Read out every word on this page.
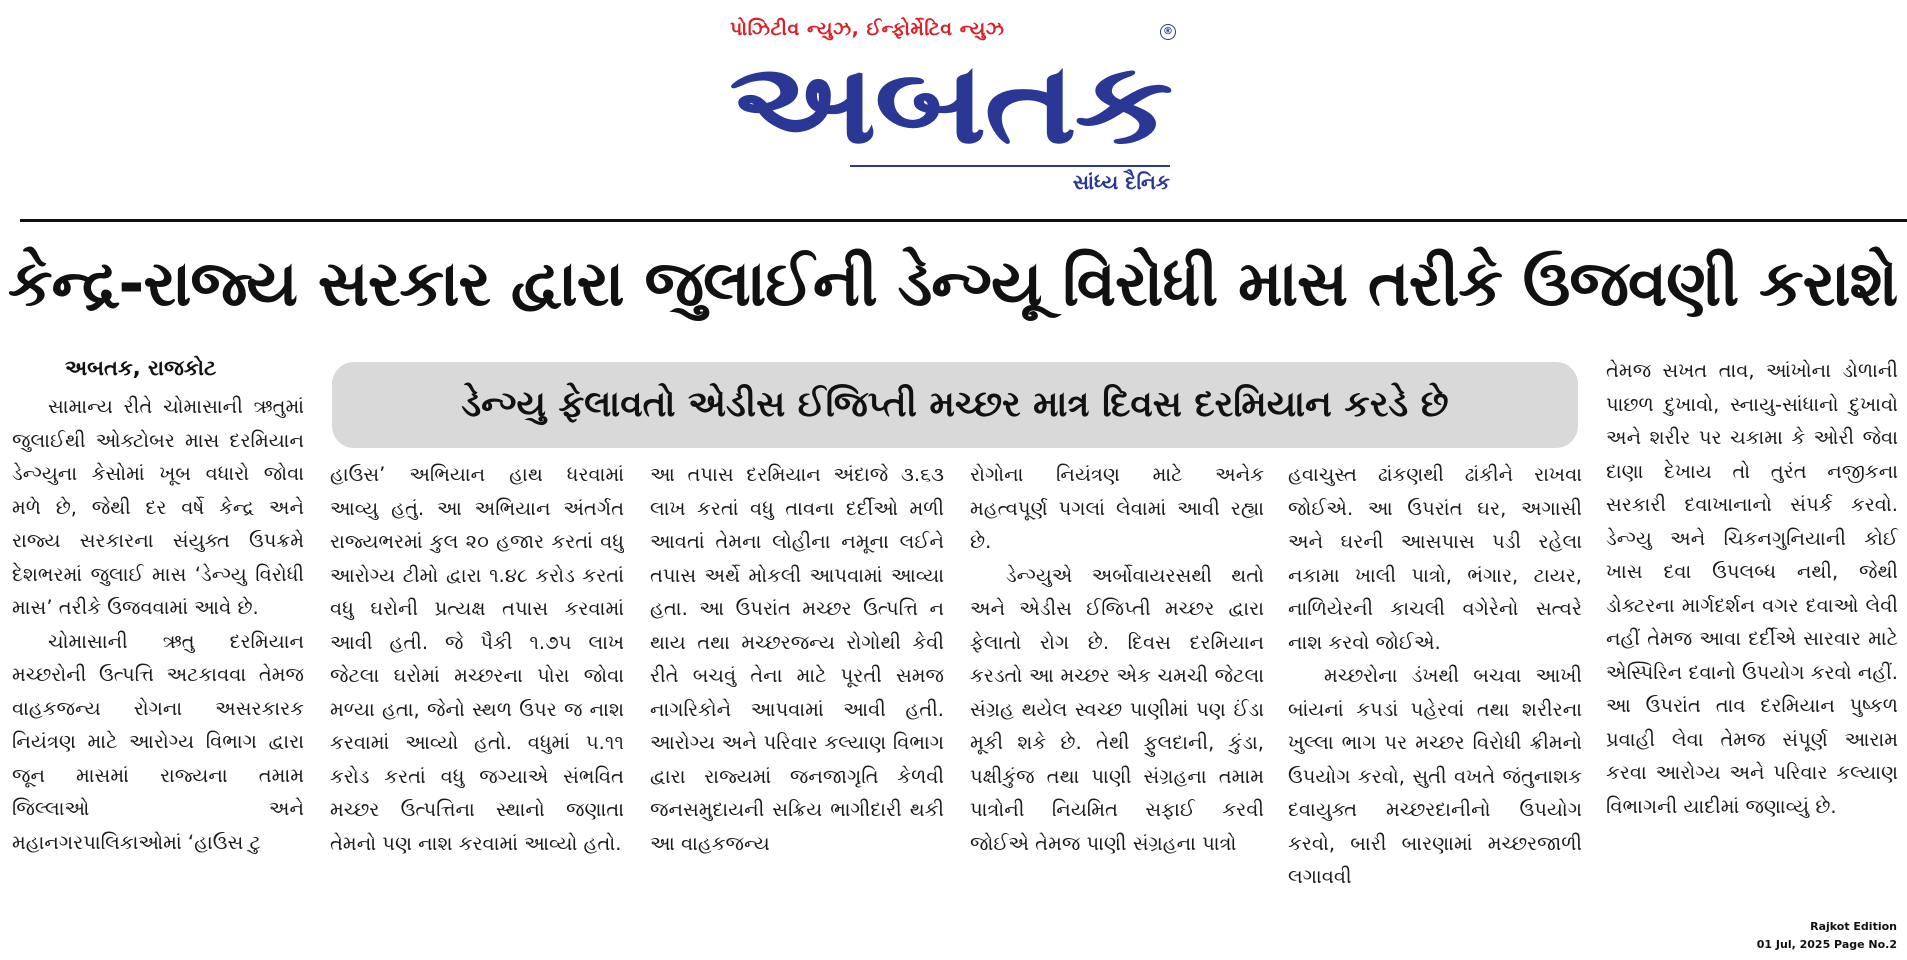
પોઝિટીવ ન્યુઝ, ઈન્ફોર્મેટિવ ન્યુઝ
અબતક
®
સાંધ્ય દૈનિક
કેન્દ્ર-રાજ્ય સરકાર દ્વારા જુલાઈની ડેન્ગ્યૂ વિરોધી માસ તરીકે ઉજવણી કરાશે
અબતક, રાજકોટ
ડેન્ગ્યુ ફેલાવતો એડીસ ઈજિપ્તી મચ્છર માત્ર દિવસ દરમિયાન કરડે છે

સામાન્ય રીતે ચોમાસાની ઋતુમાં જુલાઈથી ઓક્ટોબર માસ દરમિયાન ડેન્ગ્યુના કેસોમાં ખૂબ વધારો જોવા મળે છે, જેથી દર વર્ષે કેન્દ્ર અને રાજ્ય સરકારના સંયુક્ત ઉપક્રમે દેશભરમાં જુલાઈ માસ ‘ડેન્ગ્યુ વિરોધી માસ’ તરીકે ઉજવવામાં આવે છે.

ચોમાસાની ઋતુ દરમિયાન મચ્છરોની ઉત્પત્તિ અટકાવવા તેમજ વાહકજન્ય રોગના અસરકારક નિયંત્રણ માટે આરોગ્ય વિભાગ દ્વારા જૂન માસમાં રાજ્યના તમામ જિલ્લાઓ અને મહાનગરપાલિકાઓમાં ‘હાઉસ ટુ

હાઉસ’ અભિયાન હાથ ધરવામાં આવ્યુ હતું. આ અભિયાન અંતર્ગત રાજ્યભરમાં કુલ ૨૦ હજાર કરતાં વધુ આરોગ્ય ટીમો દ્વારા ૧.૪૮ કરોડ કરતાં વધુ ઘરોની પ્રત્યક્ષ તપાસ કરવામાં આવી હતી. જે પૈકી ૧.૭૫ લાખ જેટલા ઘરોમાં મચ્છરના પોરા જોવા મળ્યા હતા, જેનો સ્થળ ઉપર જ નાશ કરવામાં આવ્યો હતો. વધુમાં ૫.૧૧ કરોડ કરતાં વધુ જગ્યાએ સંભવિત મચ્છર ઉત્પત્તિના સ્થાનો જણાતા તેમનો પણ નાશ કરવામાં આવ્યો હતો.

આ તપાસ દરમિયાન અંદાજે ૩.૬૩ લાખ કરતાં વધુ તાવના દર્દીઓ મળી આવતાં તેમના લોહીના નમૂના લઈને તપાસ અર્થે મોકલી આપવામાં આવ્યા હતા. આ ઉપરાંત મચ્છર ઉત્પત્તિ ન થાય તથા મચ્છરજન્ય રોગોથી કેવી રીતે બચવું તેના માટે પૂરતી સમજ નાગરિકોને આપવામાં આવી હતી. આરોગ્ય અને પરિવાર કલ્યાણ વિભાગ દ્વારા રાજ્યમાં જનજાગૃતિ કેળવી જનસમુદાયની સક્રિય ભાગીદારી થકી આ વાહકજન્ય

રોગોના નિયંત્રણ માટે અનેક મહત્વપૂર્ણ પગલાં લેવામાં આવી રહ્યા છે.

ડેન્ગ્યુએ અર્બોવાયરસથી થતો અને એડીસ ઈજિપ્તી મચ્છર દ્વારા ફેલાતો રોગ છે. દિવસ દરમિયાન કરડતો આ મચ્છર એક ચમચી જેટલા સંગ્રહ થયેલ સ્વચ્છ પાણીમાં પણ ઈંડા મૂકી શકે છે. તેથી ફુલદાની, કુંડા, પક્ષીકુંજ તથા પાણી સંગ્રહના તમામ પાત્રોની નિયમિત સફાઈ કરવી જોઈએ તેમજ પાણી સંગ્રહના પાત્રો

હવાચુસ્ત ઢાંકણથી ઢાંકીને રાખવા જોઈએ. આ ઉપરાંત ઘર, અગાસી અને ઘરની આસપાસ પડી રહેલા નકામા ખાલી પાત્રો, ભંગાર, ટાયર, નાળિયેરની કાચલી વગેરેનો સત્વરે નાશ કરવો જોઈએ.

મચ્છરોના ડંખથી બચવા આખી બાંયનાં કપડાં પહેરવાં તથા શરીરના ખુલ્લા ભાગ પર મચ્છર વિરોધી ક્રીમનો ઉપયોગ કરવો, સુતી વખતે જંતુનાશક દવાયુક્ત મચ્છરદાનીનો ઉપયોગ કરવો, બારી બારણામાં મચ્છરજાળી લગાવવી

તેમજ સખત તાવ, આંખોના ડોળાની પાછળ દુખાવો, સ્નાયુ-સાંધાનો દુખાવો અને શરીર પર ચકામા કે ઓરી જેવા દાણા દેખાય તો તુરંત નજીકના સરકારી દવાખાનાનો સંપર્ક કરવો. ડેન્ગ્યુ અને ચિકનગુનિયાની કોઈ ખાસ દવા ઉપલબ્ધ નથી, જેથી ડોક્ટરના માર્ગદર્શન વગર દવાઓ લેવી નહીં તેમજ આવા દર્દીએ સારવાર માટે એસ્પિરિન દવાનો ઉપયોગ કરવો નહીં. આ ઉપરાંત તાવ દરમિયાન પુષ્કળ પ્રવાહી લેવા તેમજ સંપૂર્ણ આરામ કરવા આરોગ્ય અને પરિવાર કલ્યાણ વિભાગની યાદીમાં જણાવ્યું છે.

Rajkot Edition
01 Jul, 2025 Page No.2
